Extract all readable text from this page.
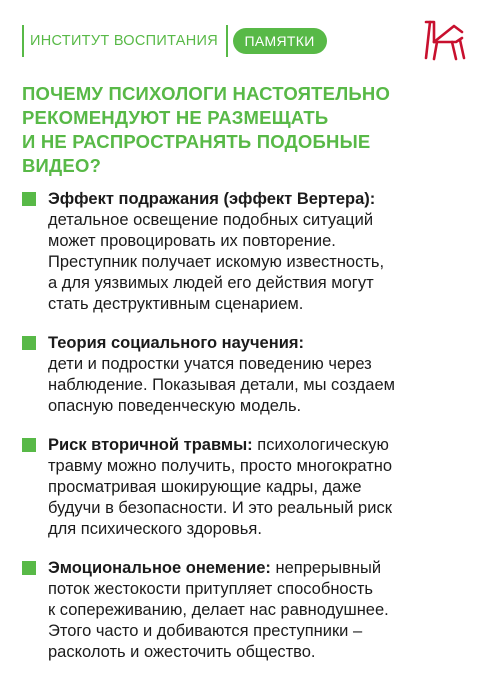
ИНСТИТУТ ВОСПИТАНИЯ	ПАМЯТКИ
ПОЧЕМУ ПСИХОЛОГИ НАСТОЯТЕЛЬНО
РЕКОМЕНДУЮТ НЕ РАЗМЕЩАТЬ
И НЕ РАСПРОСТРАНЯТЬ ПОДОБНЫЕ
ВИДЕО?
Эффект подражания (эффект Вертера):
детальное освещение подобных ситуаций
может провоцировать их повторение.
Преступник получает искомую известность,
а для уязвимых людей его действия могут
стать деструктивным сценарием.
Теория социального научения:
дети и подростки учатся поведению через
наблюдение. Показывая детали, мы создаем
опасную поведенческую модель.
Риск вторичной травмы: психологическую
травму можно получить, просто многократно
просматривая шокирующие кадры, даже
будучи в безопасности. И это реальный риск
для психического здоровья.
Эмоциональное онемение: непрерывный
поток жестокости притупляет способность
к сопереживанию, делает нас равнодушнее.
Этого часто и добиваются преступники –
расколоть и ожесточить общество.
